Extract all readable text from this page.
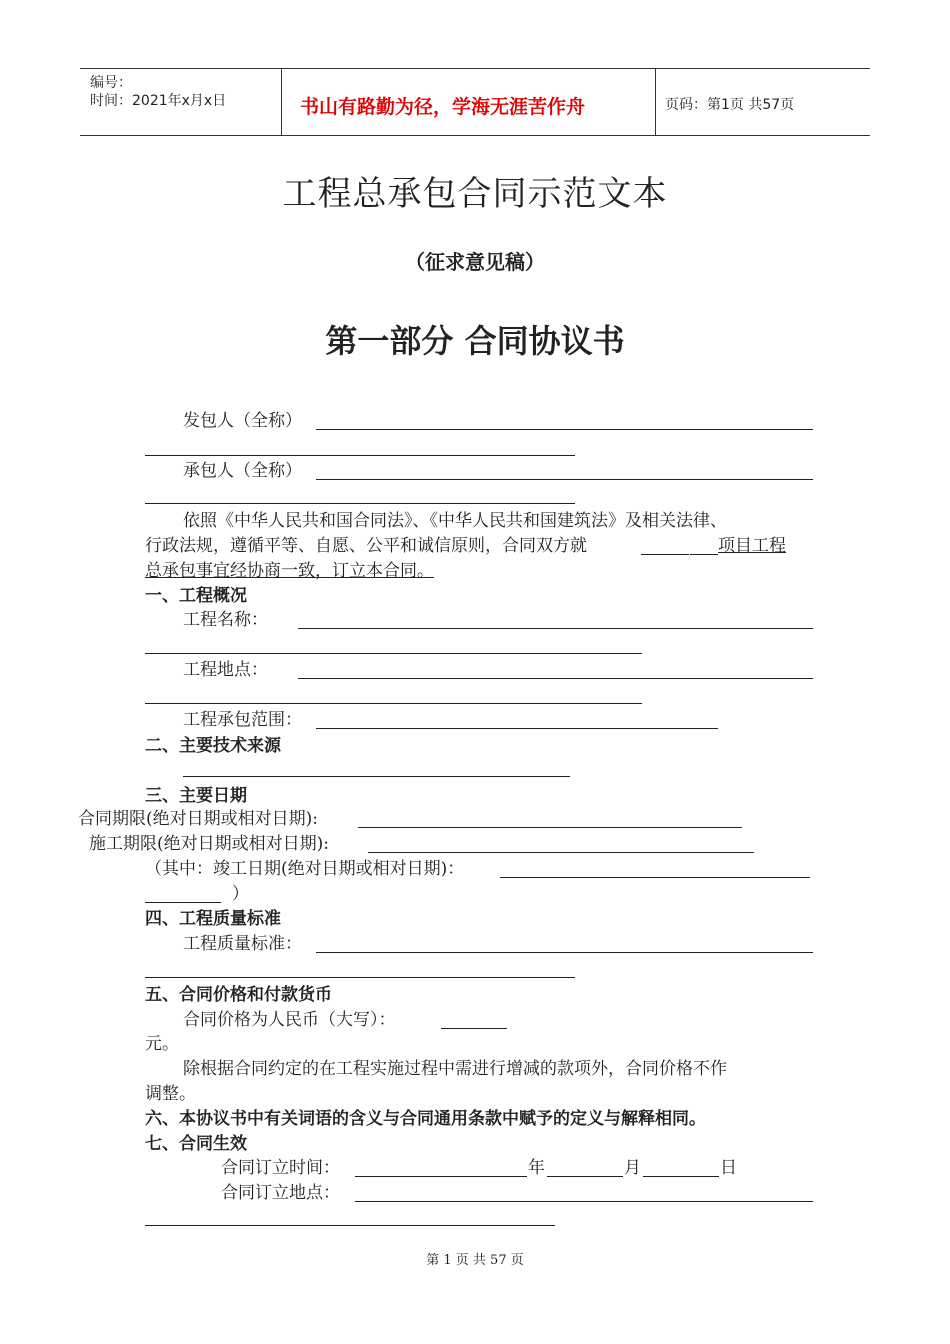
编号：
时间：2021年x月x日	书山有路勤为径，学海无涯苦作舟	页码：第1页 共57页
工程总承包合同示范文本
（征求意见稿）
第一部分 合同协议书
发包人（全称）
承包人（全称）
依照《中华人民共和国合同法》、《中华人民共和国建筑法》及相关法律、
行政法规，遵循平等、自愿、公平和诚信原则，合同双方就	项目工程
总承包事宜经协商一致，订立本合同。
一、工程概况
工程名称：
工程地点：
工程承包范围：
二、主要技术来源
三、主要日期
合同期限(绝对日期或相对日期):
施工期限(绝对日期或相对日期):
（其中：竣工日期(绝对日期或相对日期)：
）
四、工程质量标准
工程质量标准：
五、合同价格和付款货币
合同价格为人民币（大写）：
元。
除根据合同约定的在工程实施过程中需进行增减的款项外，合同价格不作
调整。
六、本协议书中有关词语的含义与合同通用条款中赋予的定义与解释相同。
七、合同生效
合同订立时间：	年	月	日
合同订立地点：
第 1 页 共 57 页
